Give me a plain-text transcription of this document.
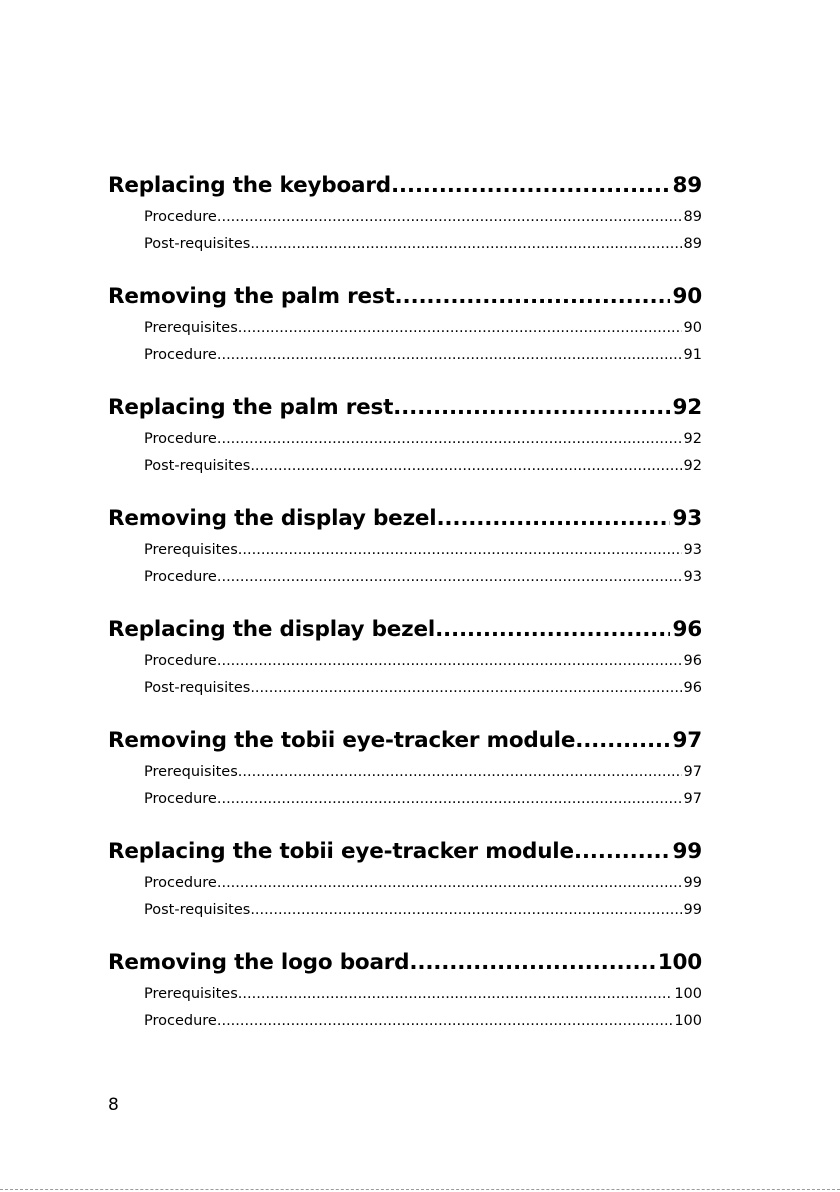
Replacing the keyboard .....	89
Procedure .....	89
Post-requisites .....	89
Removing the palm rest .....	90
Prerequisites .....	90
Procedure .....	91
Replacing the palm rest .....	92
Procedure .....	92
Post-requisites .....	92
Removing the display bezel .....	93
Prerequisites .....	93
Procedure .....	93
Replacing the display bezel .....	96
Procedure .....	96
Post-requisites .....	96
Removing the tobii eye-tracker module .....	97
Prerequisites .....	97
Procedure .....	97
Replacing the tobii eye-tracker module .....	99
Procedure .....	99
Post-requisites .....	99
Removing the logo board .....	100
Prerequisites .....	100
Procedure .....	100
8
